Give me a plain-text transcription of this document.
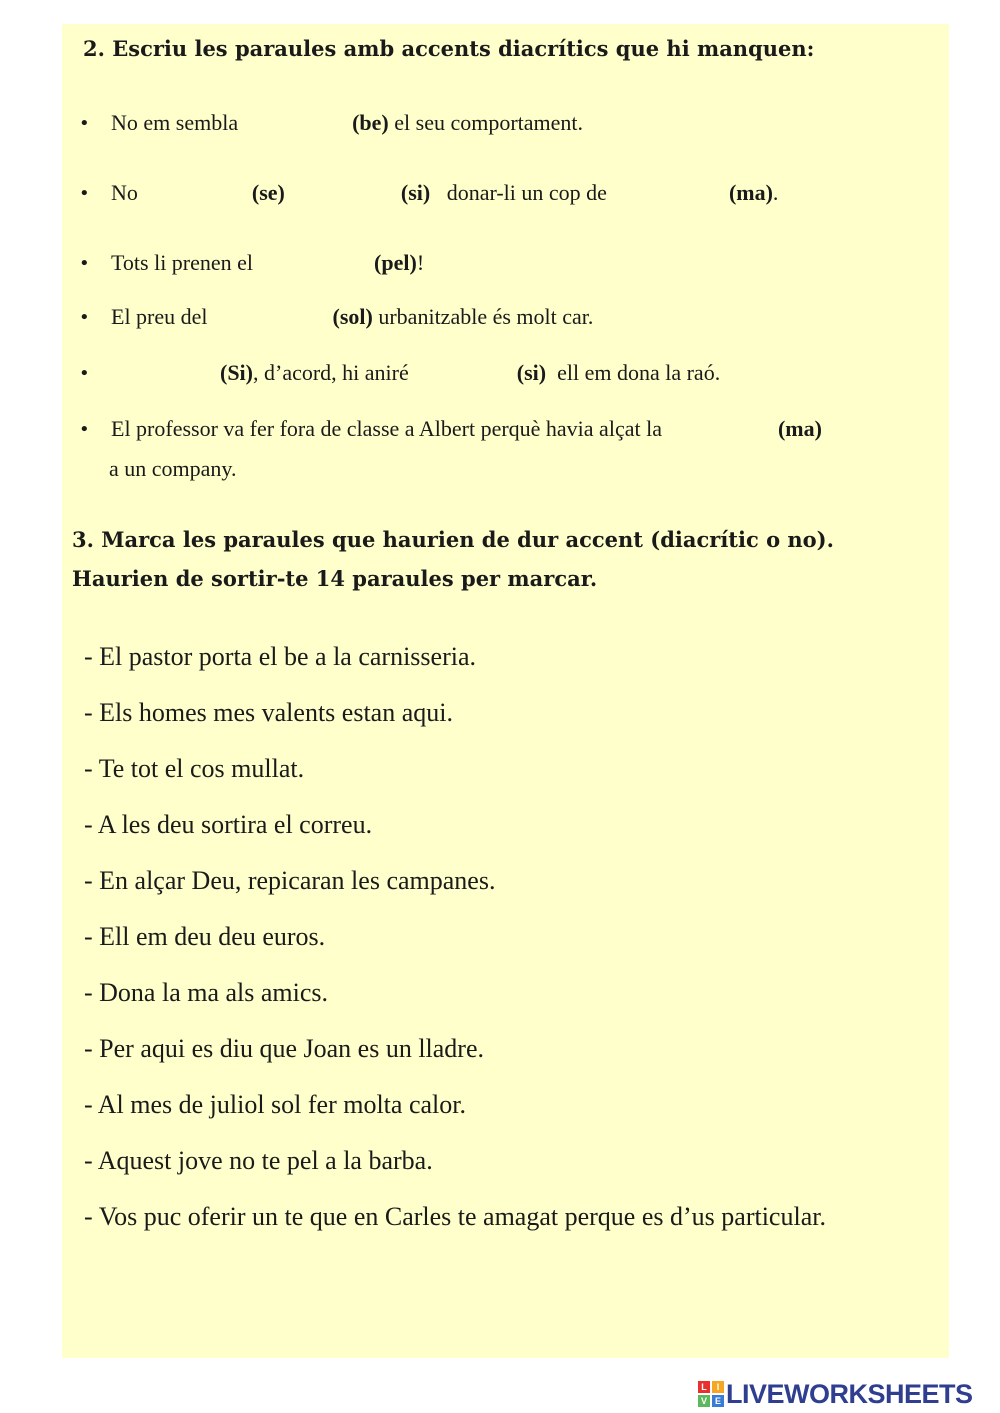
2. Escriu les paraules amb accents diacrítics que hi manquen:
• No em sembla	(be) el seu comportament.
• No	(se)	(si) donar-li un cop de	(ma).
• Tots li prenen el	(pel)!
• El preu del	(sol) urbanitzable és molt car.
•	(Si), d’acord, hi aniré	(si) ell em dona la raó.
• El professor va fer fora de classe a Albert perquè havia alçat la	(ma)
a un company.
3. Marca les paraules que haurien de dur accent (diacrític o no).
Haurien de sortir-te 14 paraules per marcar.
- El pastor porta el be a la carnisseria.
- Els homes mes valents estan aqui.
- Te tot el cos mullat.
- A les deu sortira el correu.
- En alçar Deu, repicaran les campanes.
- Ell em deu deu euros.
- Dona la ma als amics.
- Per aqui es diu que Joan es un lladre.
- Al mes de juliol sol fer molta calor.
- Aquest jove no te pel a la barba.
- Vos puc oferir un te que en Carles te amagat perque es d’us particular.
L	I
V E LIVEWORKSHEETS
